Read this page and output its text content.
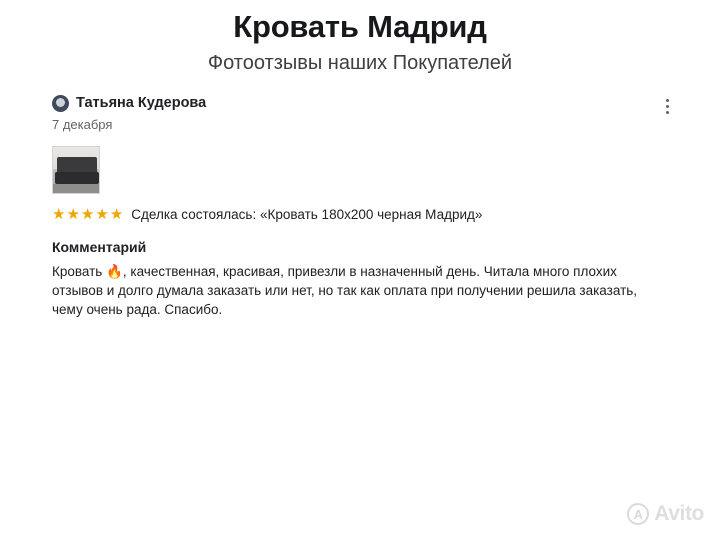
Кровать Мадрид
Фотоотзывы наших Покупателей
Татьяна Кудерова
7 декабря
★ ★ ★ ★ ★ Сделка состоялась: «Кровать 180х200 черная Мадрид»
Комментарий
Кровать 🔥, качественная, красивая, привезли в назначенный день. Читала много плохих отзывов и долго думала заказать или нет, но так как оплата при получении решила заказать, чему очень рада. Спасибо.
A Avito
